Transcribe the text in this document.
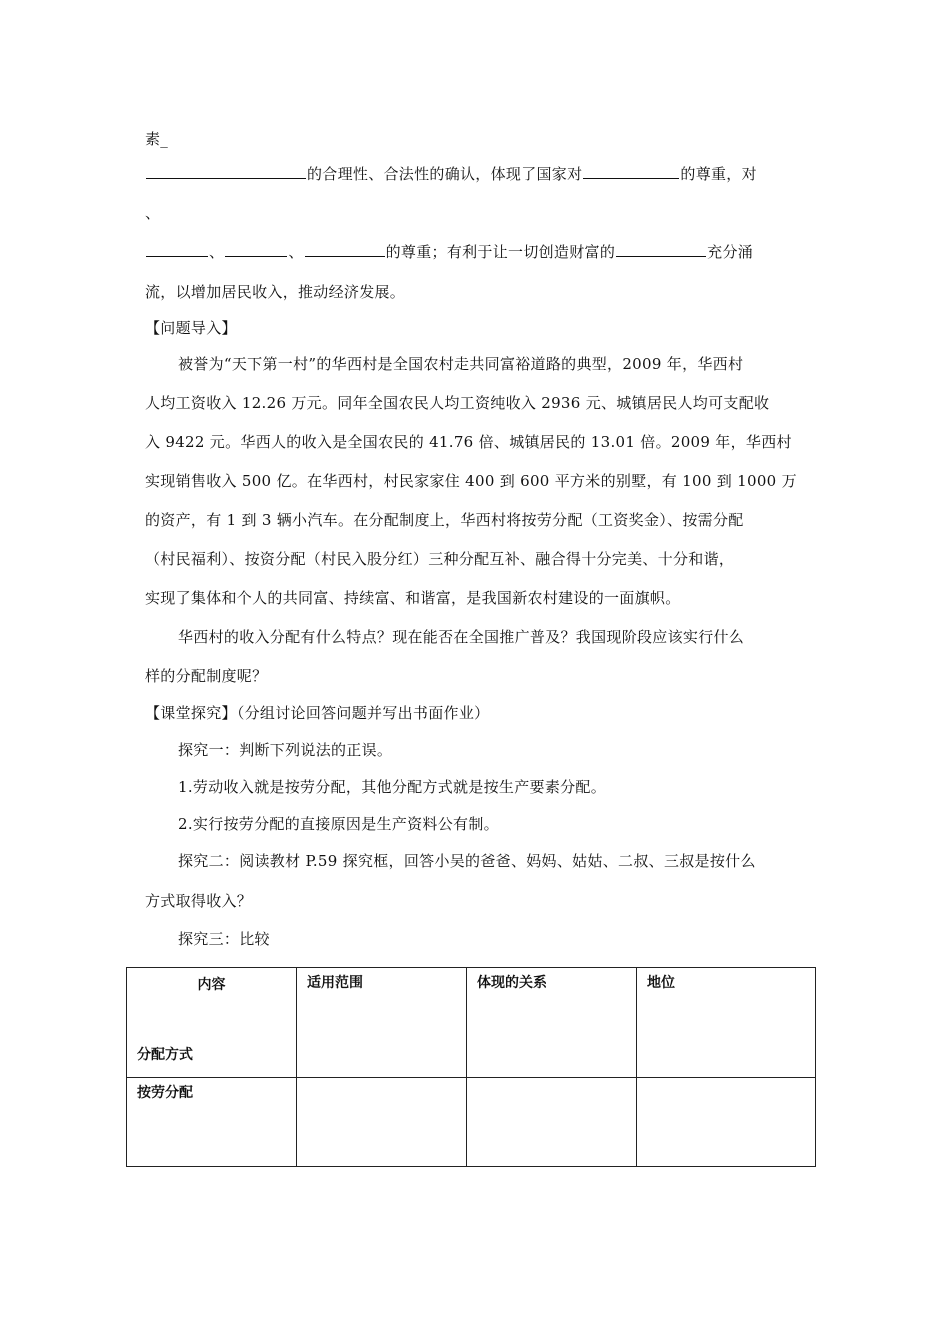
素_
的合理性、合法性的确认，体现了国家对	的尊重，对
、
、	、	的尊重；有利于让一切创造财富的	充分涌
流，以增加居民收入，推动经济发展。
【问题导入】
被誉为“天下第一村”的华西村是全国农村走共同富裕道路的典型，2009 年，华西村
人均工资收入 12.26 万元。同年全国农民人均工资纯收入 2936 元、城镇居民人均可支配收
入 9422 元。华西人的收入是全国农民的 41.76 倍、城镇居民的 13.01 倍。2009 年，华西村
实现销售收入 500 亿。在华西村，村民家家住 400 到 600 平方米的别墅，有 100 到 1000 万
的资产，有 1 到 3 辆小汽车。在分配制度上，华西村将按劳分配（工资奖金）、按需分配
（村民福利）、按资分配（村民入股分红）三种分配互补、融合得十分完美、十分和谐，
实现了集体和个人的共同富、持续富、和谐富，是我国新农村建设的一面旗帜。
华西村的收入分配有什么特点？现在能否在全国推广普及？我国现阶段应该实行什么
样的分配制度呢？
【课堂探究】（分组讨论回答问题并写出书面作业）
探究一：判断下列说法的正误。
1.劳动收入就是按劳分配，其他分配方式就是按生产要素分配。
2.实行按劳分配的直接原因是生产资料公有制。
探究二：阅读教材 P.59 探究框，回答小吴的爸爸、妈妈、姑姑、二叔、三叔是按什么
方式取得收入？
探究三：比较
内容
分配方式	适用范围	体现的关系	地位
按劳分配			
